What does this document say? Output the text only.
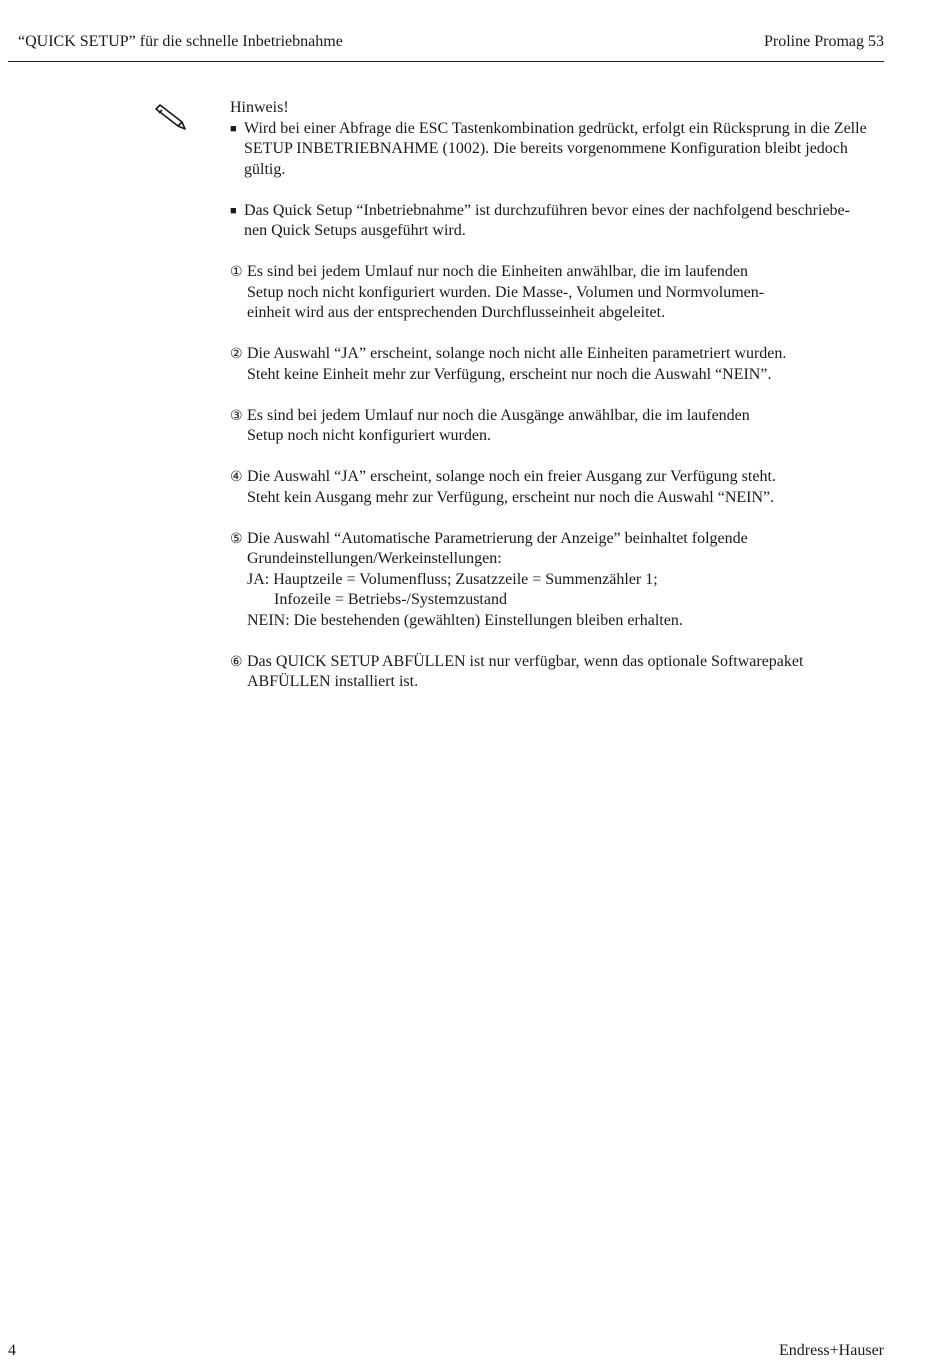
“QUICK SETUP” für die schnelle Inbetriebnahme	Proline Promag 53
Hinweis!
■ Wird bei einer Abfrage die ESC Tastenkombination gedrückt, erfolgt ein Rücksprung in die Zelle
SETUP INBETRIEBNAHME (1002). Die bereits vorgenommene Konfiguration bleibt jedoch
gültig.
■ Das Quick Setup “Inbetriebnahme” ist durchzuführen bevor eines der nachfolgend beschriebe-
nen Quick Setups ausgeführt wird.
① Es sind bei jedem Umlauf nur noch die Einheiten anwählbar, die im laufenden
Setup noch nicht konfiguriert wurden. Die Masse-, Volumen und Normvolumen-
einheit wird aus der entsprechenden Durchflusseinheit abgeleitet.
② Die Auswahl “JA” erscheint, solange noch nicht alle Einheiten parametriert wurden.
Steht keine Einheit mehr zur Verfügung, erscheint nur noch die Auswahl “NEIN”.
③ Es sind bei jedem Umlauf nur noch die Ausgänge anwählbar, die im laufenden
Setup noch nicht konfiguriert wurden.
④ Die Auswahl “JA” erscheint, solange noch ein freier Ausgang zur Verfügung steht.
Steht kein Ausgang mehr zur Verfügung, erscheint nur noch die Auswahl “NEIN”.
⑤ Die Auswahl “Automatische Parametrierung der Anzeige” beinhaltet folgende
Grundeinstellungen/Werkeinstellungen:
JA: Hauptzeile = Volumenfluss; Zusatzzeile = Summenzähler 1;
Infozeile = Betriebs-/Systemzustand
NEIN: Die bestehenden (gewählten) Einstellungen bleiben erhalten.
⑥ Das QUICK SETUP ABFÜLLEN ist nur verfügbar, wenn das optionale Softwarepaket
ABFÜLLEN installiert ist.
4	Endress+Hauser
